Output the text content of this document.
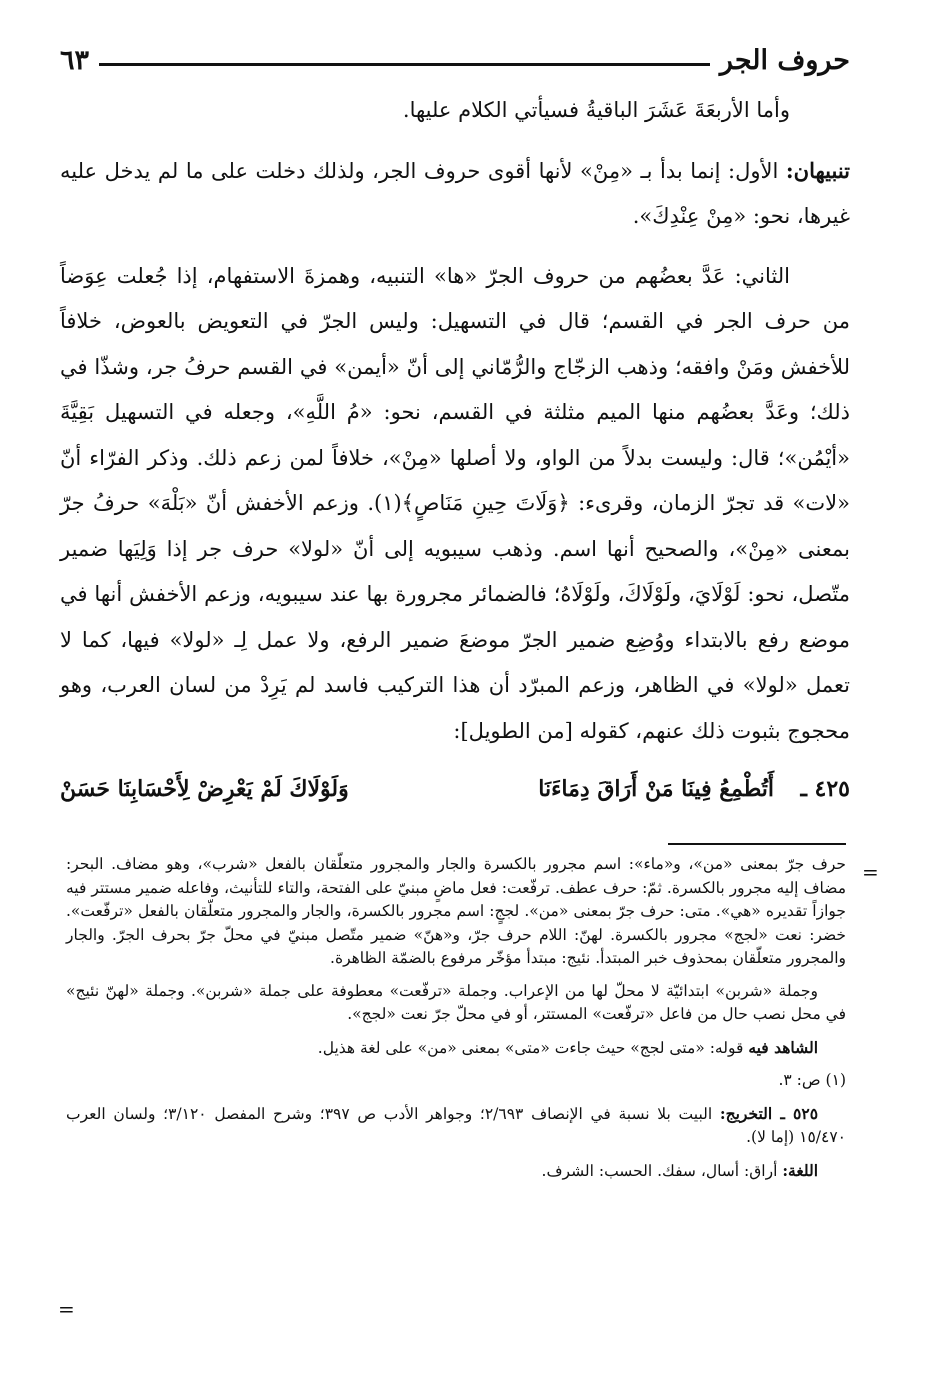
حروف الجر
٦٣

وأما الأربعَةَ عَشَرَ الباقيةُ فسيأتي الكلام عليها.

تنبيهان: الأول: إنما بدأ بـ «مِنْ» لأنها أقوى حروف الجر، ولذلك دخلت على ما لم يدخل عليه غيرها، نحو: «مِنْ عِنْدِكَ».

الثاني: عَدَّ بعضُهم من حروف الجرّ «ها» التنبيه، وهمزةَ الاستفهام، إذا جُعلت عِوَضاً من حرف الجر في القسم؛ قال في التسهيل: وليس الجرّ في التعويض بالعوض، خلافاً للأخفش ومَنْ وافقه؛ وذهب الزجّاج والرُّمّاني إلى أنّ «أيمن» في القسم حرفُ جر، وشذّا في ذلك؛ وعَدَّ بعضُهم منها الميم مثلثة في القسم، نحو: «مُ اللَّهِ»، وجعله في التسهيل بَقِيَّةَ «أيْمُن»؛ قال: وليست بدلاً من الواو، ولا أصلها «مِنْ»، خلافاً لمن زعم ذلك. وذكر الفرّاء أنّ «لات» قد تجرّ الزمان، وقرىء: ﴿وَلَاتَ حِينِ مَنَاصٍ﴾(١). وزعم الأخفش أنّ «بَلْهَ» حرفُ جرّ بمعنى «مِنْ»، والصحيح أنها اسم. وذهب سيبويه إلى أنّ «لولا» حرف جر إذا وَلِيَها ضمير متّصل، نحو: لَوْلَايَ، ولَوْلَاكَ، ولَوْلَاهُ؛ فالضمائر مجرورة بها عند سيبويه، وزعم الأخفش أنها في موضع رفع بالابتداء ووُضِع ضمير الجرّ موضعَ ضمير الرفع، ولا عمل لِـ «لولا» فيها، كما لا تعمل «لولا» في الظاهر، وزعم المبرّد أن هذا التركيب فاسد لم يَرِدْ من لسان العرب، وهو محجوج بثبوت ذلك عنهم، كقوله [من الطويل]:

٤٢٥ ـ
أَتُطْمِعُ فِينَا مَنْ أَرَاقَ دِمَاءَنَا
وَلَوْلَاكَ لَمْ يَعْرِضْ لِأَحْسَابِنَا حَسَنْ
=
=

حرف جرّ بمعنى «من»، و«ماء»: اسم مجرور بالكسرة والجار والمجرور متعلّقان بالفعل «شرب»، وهو مضاف. البحر: مضاف إليه مجرور بالكسرة. ثمّ: حرف عطف. ترفّعت: فعل ماضٍ مبنيّ على الفتحة، والتاء للتأنيث، وفاعله ضمير مستتر فيه جوازاً تقديره «هي». متى: حرف جرّ بمعنى «من». لججٍ: اسم مجرور بالكسرة، والجار والمجرور متعلّقان بالفعل «ترفّعت». خضر: نعت «لجج» مجرور بالكسرة. لهنّ: اللام حرف جرّ، و«هنّ» ضمير متّصل مبنيّ في محلّ جرّ بحرف الجرّ. والجار والمجرور متعلّقان بمحذوف خبر المبتدأ. نئيج: مبتدأ مؤخّر مرفوع بالضمّة الظاهرة.

وجملة «شربن» ابتدائيّة لا محلّ لها من الإعراب. وجملة «ترفّعت» معطوفة على جملة «شربن». وجملة «لهنّ نئيج» في محل نصب حال من فاعل «ترفّعت» المستتر، أو في محلّ جرّ نعت «لجج».

الشاهد فيه قوله: «متى لجج» حيث جاءت «متى» بمعنى «من» على لغة هذيل.

(١) ص: ٣.

٥٢٥ ـ التخريج: البيت بلا نسبة في الإنصاف ٢/٦٩٣؛ وجواهر الأدب ص ٣٩٧؛ وشرح المفصل ٣/١٢٠؛ ولسان العرب ١٥/٤٧٠ (إما لا).

اللغة: أراق: أسال، سفك. الحسب: الشرف.
